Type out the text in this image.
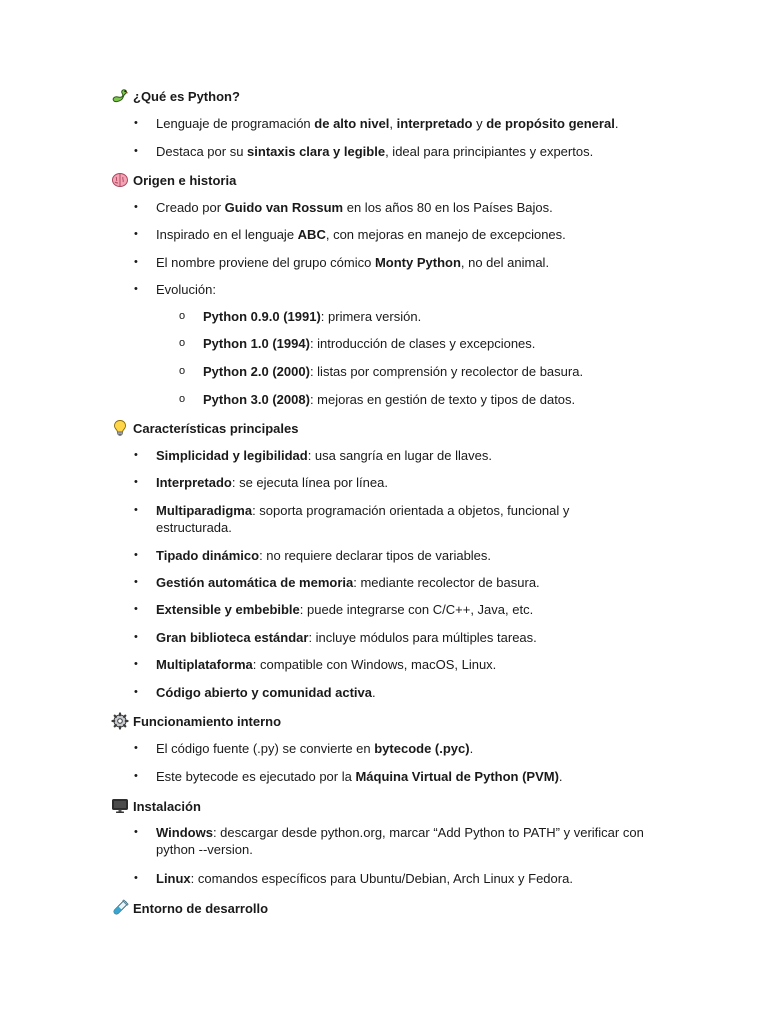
¿Qué es Python?
•	Lenguaje de programación de alto nivel, interpretado y de propósito general.
•	Destaca por su sintaxis clara y legible, ideal para principiantes y expertos.
Origen e historia
•	Creado por Guido van Rossum en los años 80 en los Países Bajos.
•	Inspirado en el lenguaje ABC, con mejoras en manejo de excepciones.
•	El nombre proviene del grupo cómico Monty Python, no del animal.
•	Evolución:
o Python 0.9.0 (1991): primera versión.
o Python 1.0 (1994): introducción de clases y excepciones.
o Python 2.0 (2000): listas por comprensión y recolector de basura.
o Python 3.0 (2008): mejoras en gestión de texto y tipos de datos.
Características principales
•	Simplicidad y legibilidad: usa sangría en lugar de llaves.
•	Interpretado: se ejecuta línea por línea.
•	Multiparadigma: soporta programación orientada a objetos, funcional y estructurada.
•	Tipado dinámico: no requiere declarar tipos de variables.
•	Gestión automática de memoria: mediante recolector de basura.
•	Extensible y embebible: puede integrarse con C/C++, Java, etc.
•	Gran biblioteca estándar: incluye módulos para múltiples tareas.
•	Multiplataforma: compatible con Windows, macOS, Linux.
•	Código abierto y comunidad activa.
Funcionamiento interno
•	El código fuente (.py) se convierte en bytecode (.pyc).
•	Este bytecode es ejecutado por la Máquina Virtual de Python (PVM).
Instalación
•	Windows: descargar desde python.org, marcar “Add Python to PATH” y verificar con python --version.
•	Linux: comandos específicos para Ubuntu/Debian, Arch Linux y Fedora.
Entorno de desarrollo
